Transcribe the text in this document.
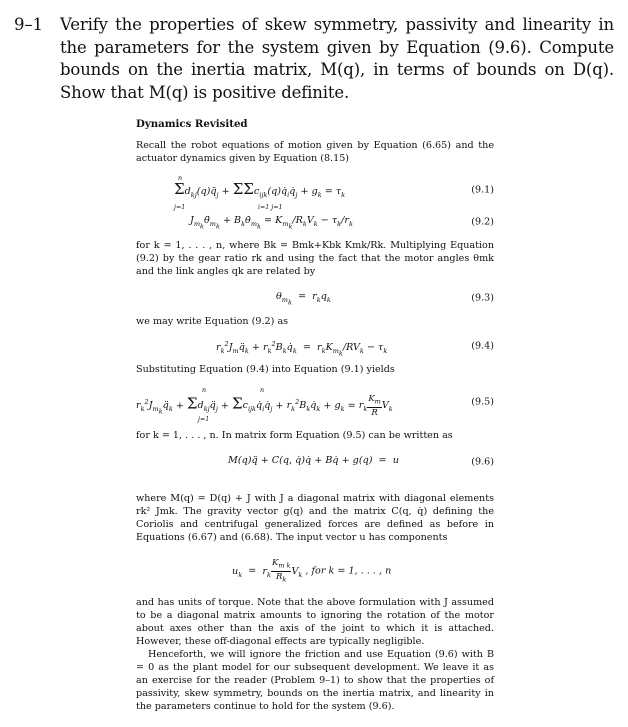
9–1 Verify the properties of skew symmetry, passivity and linearity in the parameters for the system given by Equation (9.6). Compute bounds on the inertia matrix, M(q), in terms of bounds on D(q). Show that M(q) is positive definite.
Dynamics Revisited
Recall the robot equations of motion given by Equation (6.65) and the actuator dynamics given by Equation (8.15)
n
j=1	i=1 j=1
$\Sigma d_{kj}(q)q̈_j$ + $\Sigma\Sigma c_{ijk}(q)q̇_iq̇_j + g_k = \tau_k$	(9.1)
$J_{m_k}\thetä_{m_k}$ + $B_k\thetȧ_{m_k} = K_{m_k}/R_kV_k - \tau_k/r_k$	(9.2)
for k = 1, . . . , n, where Bk = Bmk+Kbk Kmk/Rk. Multiplying Equation (9.2) by the gear ratio rk and using the fact that the motor angles θmk and the link angles qk are related by
$\theta_{m_k} = r_kq_k$	(9.3)
we may write Equation (9.2) as
$r_k^2J_mq̈_k$ + $r_k^2B_kq̇_k = r_kK_{m_k}/RV_k - \tau_k$	(9.4)
Substituting Equation (9.4) into Equation (9.1) yields
n	n
j=1
$r_k^2J_{m_k}q̈_k$ + $\Sigma d_{kj}q̈_j$ + $\Sigma c_{ijk}q̇_iq̇_j$ + $r_k^2B_kq̇_k + g_k = r_k \frac{K_m}{R} V_k$
(9.5)
for k = 1, . . . , n. In matrix form Equation (9.5) can be written as
M(q)q̈ + C(q, q̇)q̇ + Bq̇ + g(q)  =  u	(9.6)
where M(q) = D(q) + J with J a diagonal matrix with diagonal elements rk² Jmk. The gravity vector g(q) and the matrix C(q, q̇) defining the Coriolis and centrifugal generalized forces are defined as before in Equations (6.67) and (6.68). The input vector u has components
$u_k = r_k \frac{K_{m k}}{R_k} V_k$ , for k = 1, . . . , n
and has units of torque. Note that the above formulation with J assumed to be a diagonal matrix amounts to ignoring the rotation of the motor about axes other than the axis of the joint to which it is attached. However, these off-diagonal effects are typically negligible.
Henceforth, we will ignore the friction and use Equation (9.6) with B = 0 as the plant model for our subsequent development. We leave it as an exercise for the reader (Problem 9–1) to show that the properties of passivity, skew symmetry, bounds on the inertia matrix, and linearity in the parameters continue to hold for the system (9.6).
